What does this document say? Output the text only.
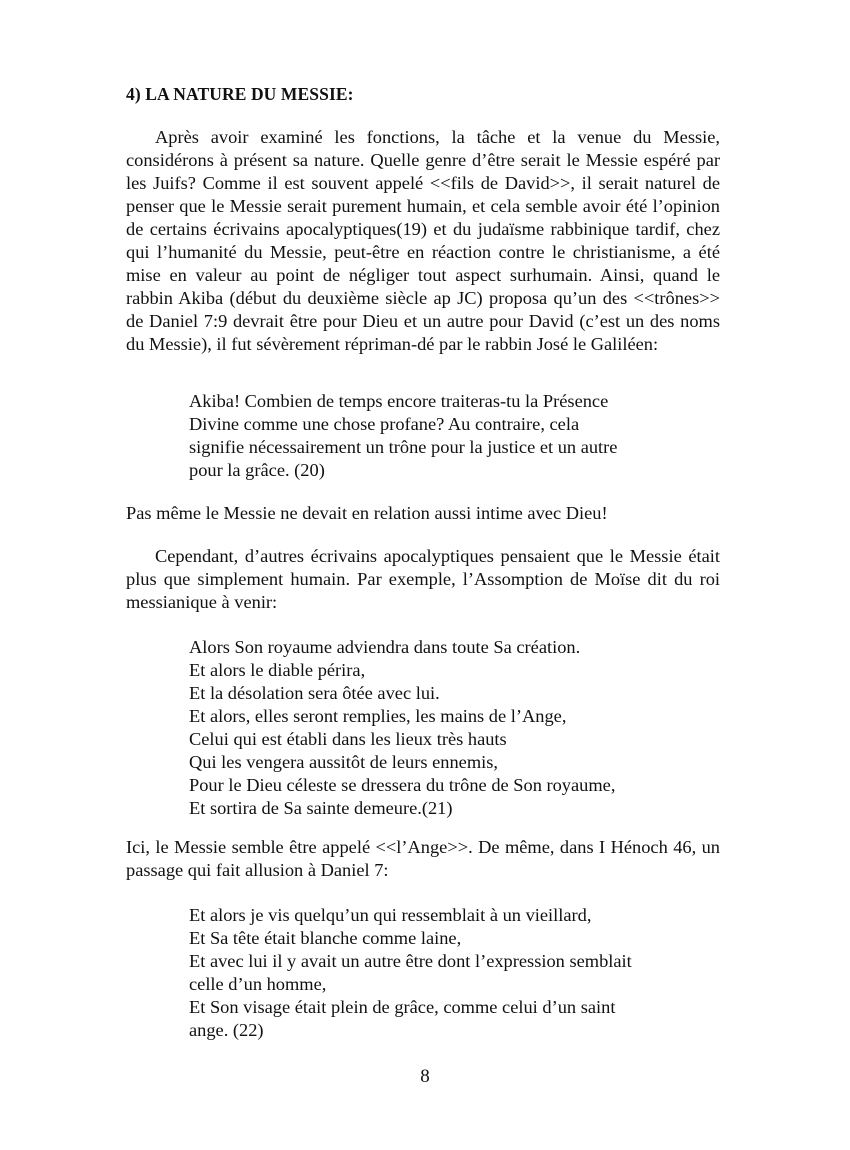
4) LA NATURE DU MESSIE:

Après avoir examiné les fonctions, la tâche et la venue du Messie, considérons à présent sa nature. Quelle genre d’être serait le Messie espéré par les Juifs? Comme il est souvent appelé <<fils de David>>, il serait naturel de penser que le Messie serait purement humain, et cela semble avoir été l’opinion de certains écrivains apocalyptiques(19) et du judaïsme rabbinique tardif, chez qui l’humanité du Messie, peut-être en réaction contre le christianisme, a été mise en valeur au point de négliger tout aspect surhumain. Ainsi, quand le rabbin Akiba (début du deuxième siècle ap JC) proposa qu’un des <<trônes>> de Daniel 7:9 devrait être pour Dieu et un autre pour David (c’est un des noms du Messie), il fut sévèrement répriman-dé par le rabbin José le Galiléen:

Akiba! Combien de temps encore traiteras-tu la Présence
Divine comme une chose profane? Au contraire, cela
signifie nécessairement un trône pour la justice et un autre
pour la grâce. (20)

Pas même le Messie ne devait en relation aussi intime avec Dieu!

Cependant, d’autres écrivains apocalyptiques pensaient que le Messie était plus que simplement humain. Par exemple, l’Assomption de Moïse dit du roi messianique à venir:

Alors Son royaume adviendra dans toute Sa création.
Et alors le diable périra,
Et la désolation sera ôtée avec lui.
Et alors, elles seront remplies, les mains de l’Ange,
Celui qui est établi dans les lieux très hauts
Qui les vengera aussitôt de leurs ennemis,
Pour le Dieu céleste se dressera du trône de Son royaume,
Et sortira de Sa sainte demeure.(21)

Ici, le Messie semble être appelé <<l’Ange>>. De même, dans I Hénoch 46, un passage qui fait allusion à Daniel 7:

Et alors je vis quelqu’un qui ressemblait à un vieillard,
Et Sa tête était blanche comme laine,
Et avec lui il y avait un autre être dont l’expression semblait
celle d’un homme,
Et Son visage était plein de grâce, comme celui d’un saint
ange. (22)
8
